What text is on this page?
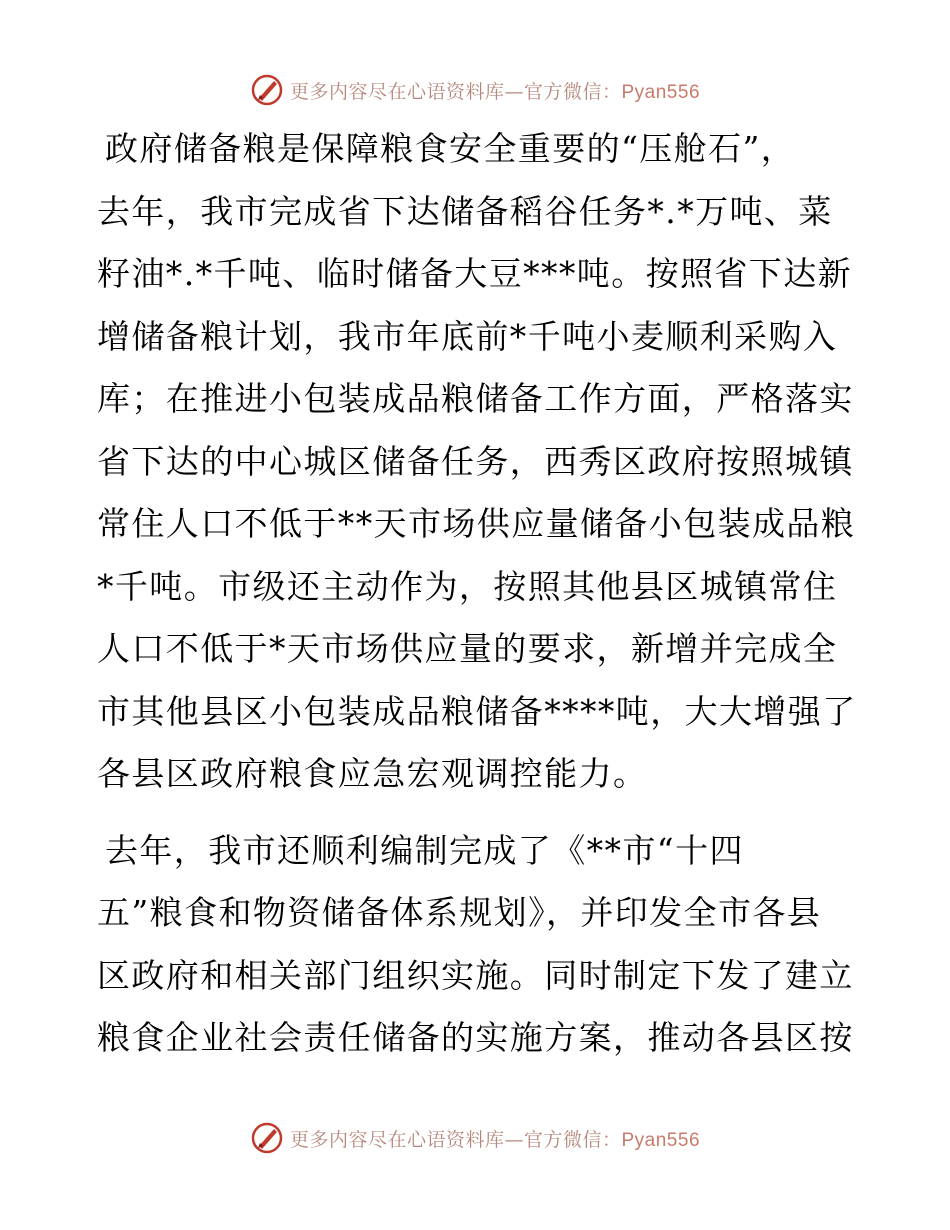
更多内容尽在心语资料库—官方微信：Pyan556

政府储备粮是保障粮食安全重要的“压舱石”，
去年，我市完成省下达储备稻谷任务*.*万吨、菜
籽油*.*千吨、临时储备大豆***吨。按照省下达新
增储备粮计划，我市年底前*千吨小麦顺利采购入
库；在推进小包装成品粮储备工作方面，严格落实
省下达的中心城区储备任务，西秀区政府按照城镇
常住人口不低于**天市场供应量储备小包装成品粮
*千吨。市级还主动作为，按照其他县区城镇常住
人口不低于*天市场供应量的要求，新增并完成全
市其他县区小包装成品粮储备****吨，大大增强了
各县区政府粮食应急宏观调控能力。

去年，我市还顺利编制完成了《**市“十四
五”粮食和物资储备体系规划》，并印发全市各县
区政府和相关部门组织实施。同时制定下发了建立
粮食企业社会责任储备的实施方案，推动各县区按

更多内容尽在心语资料库—官方微信：Pyan556
